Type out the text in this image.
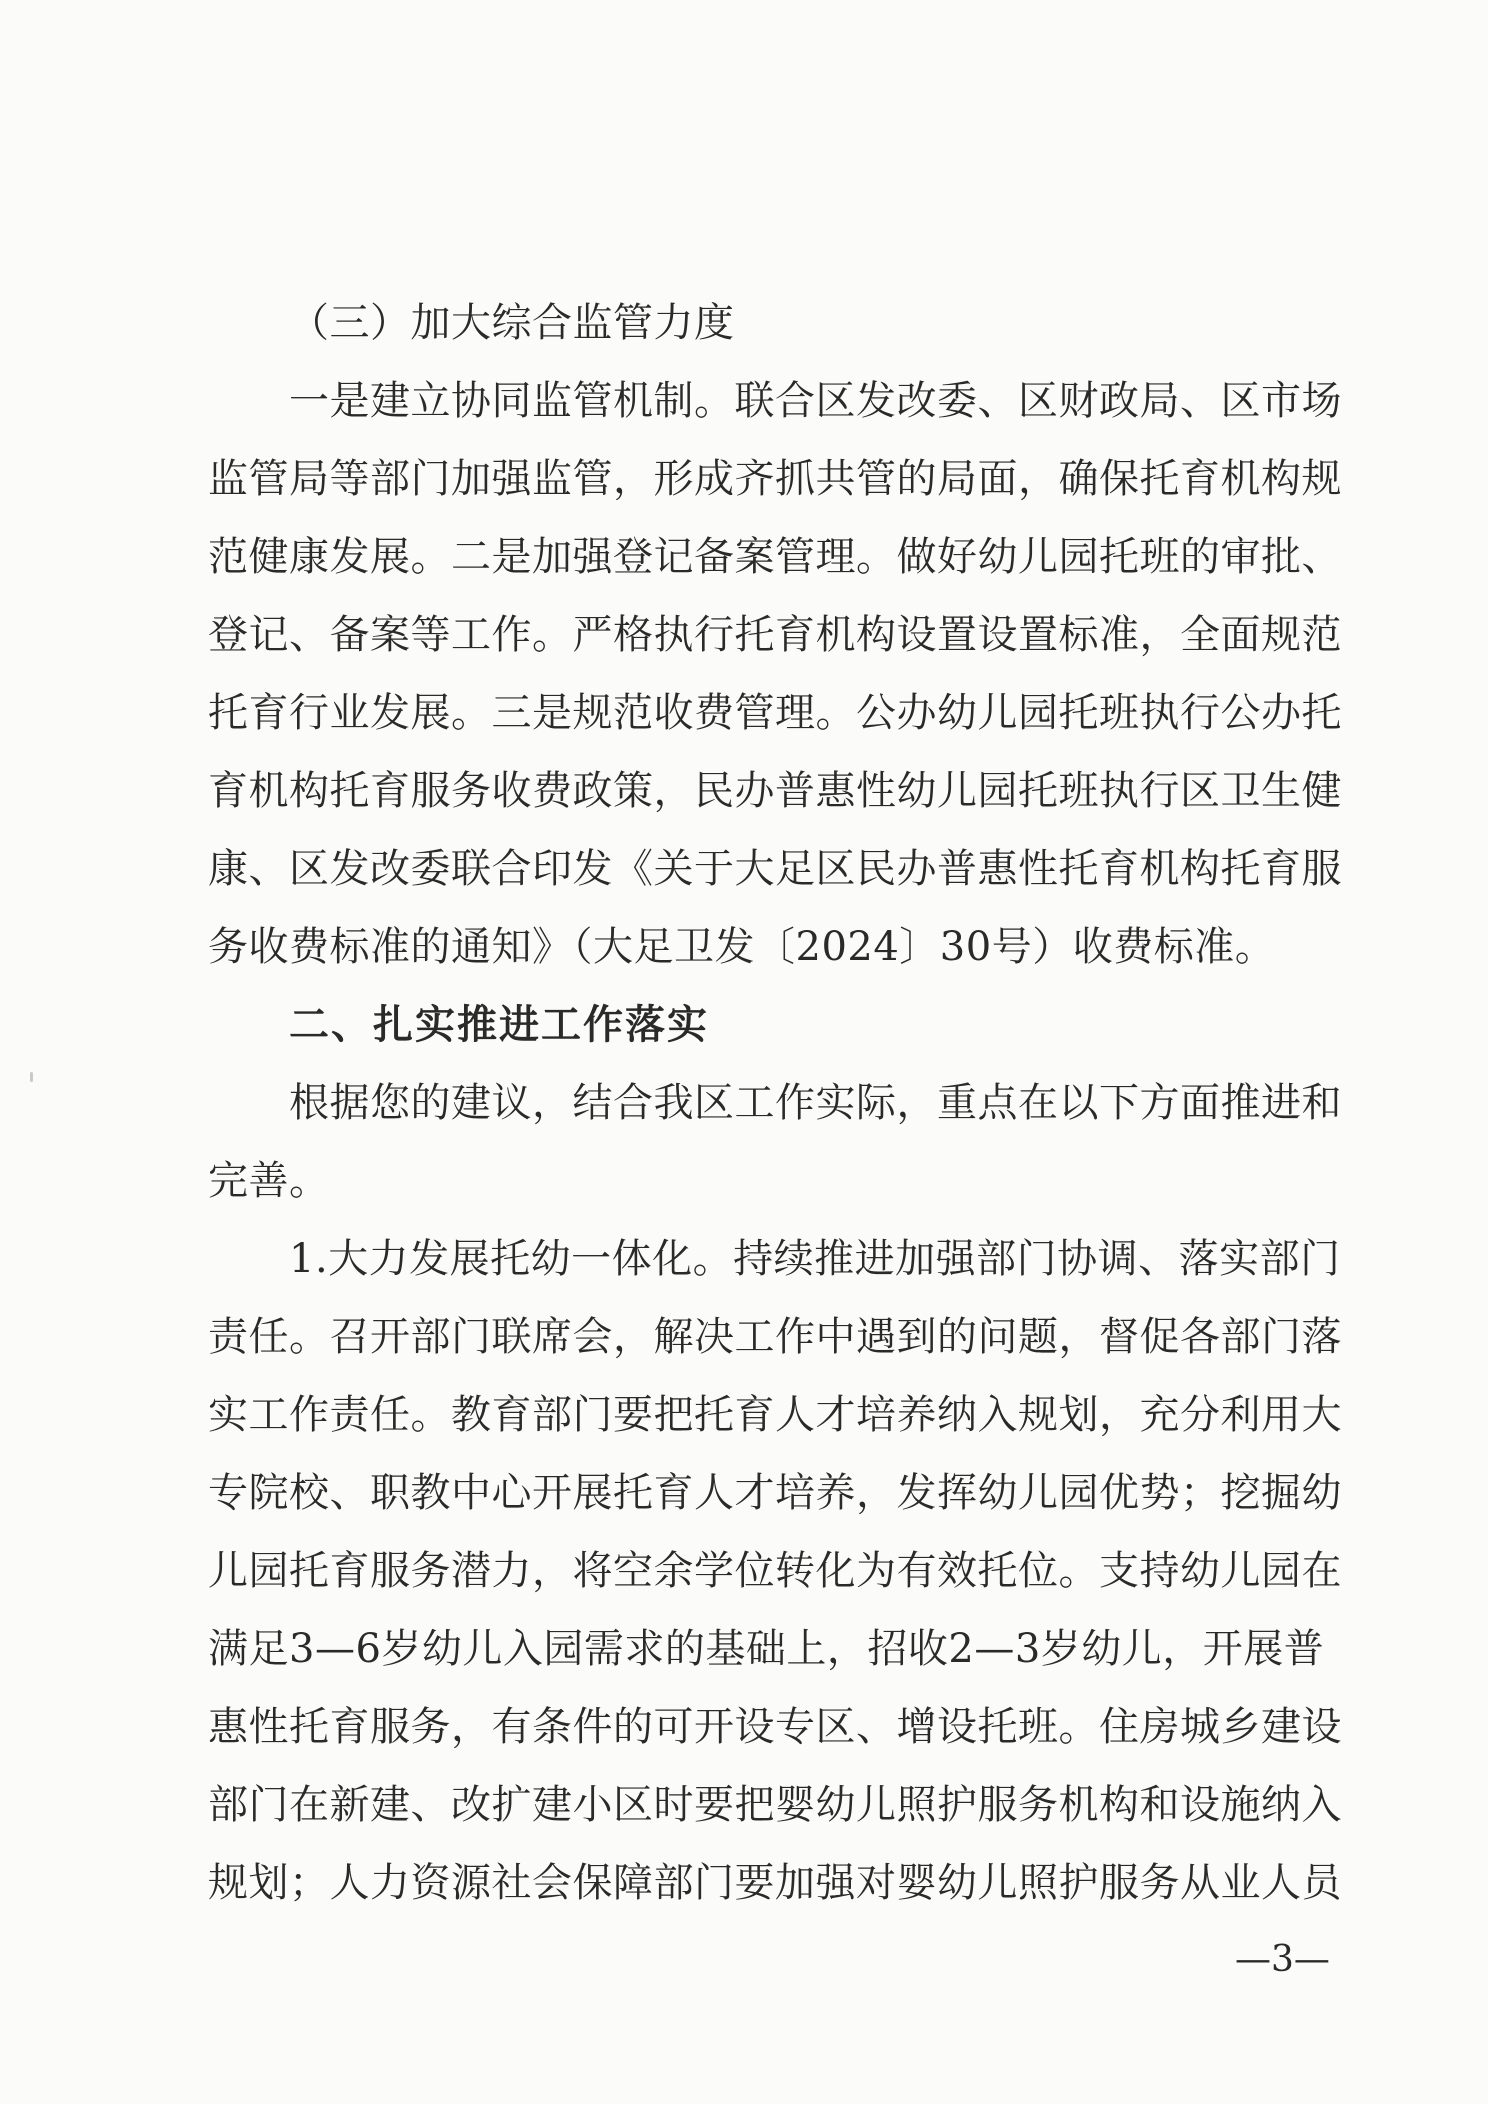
（三）加大综合监管力度
一是建立协同监管机制。联合区发改委、区财政局、区市场
监管局等部门加强监管，形成齐抓共管的局面，确保托育机构规
范健康发展。二是加强登记备案管理。做好幼儿园托班的审批、
登记、备案等工作。严格执行托育机构设置设置标准，全面规范
托育行业发展。三是规范收费管理。公办幼儿园托班执行公办托
育机构托育服务收费政策，民办普惠性幼儿园托班执行区卫生健
康、区发改委联合印发《关于大足区民办普惠性托育机构托育服
务收费标准的通知》（大足卫发〔2024〕30号）收费标准。
二、扎实推进工作落实
根据您的建议，结合我区工作实际，重点在以下方面推进和
完善。
1.大力发展托幼一体化。持续推进加强部门协调、落实部门
责任。召开部门联席会，解决工作中遇到的问题，督促各部门落
实工作责任。教育部门要把托育人才培养纳入规划，充分利用大
专院校、职教中心开展托育人才培养，发挥幼儿园优势；挖掘幼
儿园托育服务潜力，将空余学位转化为有效托位。支持幼儿园在
满足3—6岁幼儿入园需求的基础上，招收2—3岁幼儿，开展普
惠性托育服务，有条件的可开设专区、增设托班。住房城乡建设
部门在新建、改扩建小区时要把婴幼儿照护服务机构和设施纳入
规划；人力资源社会保障部门要加强对婴幼儿照护服务从业人员
—3—
